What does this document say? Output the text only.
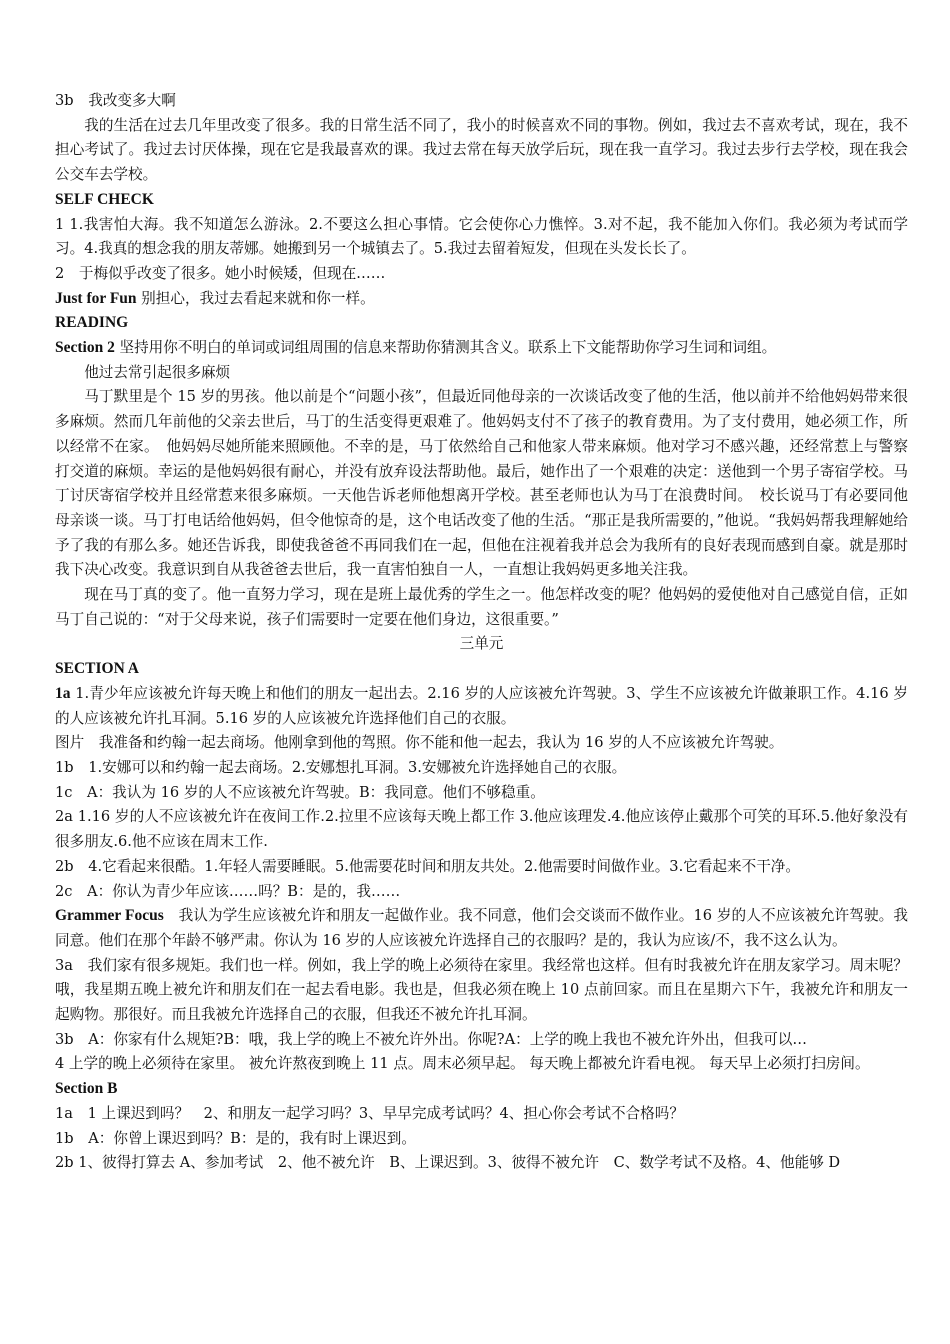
3b　我改变多大啊
我的生活在过去几年里改变了很多。我的日常生活不同了，我小的时候喜欢不同的事物。例如，我过去不喜欢考试，现在，我不担心考试了。我过去讨厌体操，现在它是我最喜欢的课。我过去常在每天放学后玩，现在我一直学习。我过去步行去学校，现在我会公交车去学校。
SELF CHECK
1 1.我害怕大海。我不知道怎么游泳。2.不要这么担心事情。它会使你心力憔悴。3.对不起，我不能加入你们。我必须为考试而学习。4.我真的想念我的朋友蒂娜。她搬到另一个城镇去了。5.我过去留着短发，但现在头发长长了。
2　于梅似乎改变了很多。她小时候矮，但现在……
Just for Fun 别担心，我过去看起来就和你一样。
READING
Section 2 坚持用你不明白的单词或词组周围的信息来帮助你猜测其含义。联系上下文能帮助你学习生词和词组。
他过去常引起很多麻烦
马丁默里是个 15 岁的男孩。他以前是个“问题小孩”，但最近同他母亲的一次谈话改变了他的生活，他以前并不给他妈妈带来很多麻烦。然而几年前他的父亲去世后，马丁的生活变得更艰难了。他妈妈支付不了孩子的教育费用。为了支付费用，她必须工作，所以经常不在家。　他妈妈尽她所能来照顾他。不幸的是，马丁依然给自己和他家人带来麻烦。他对学习不感兴趣，还经常惹上与警察打交道的麻烦。幸运的是他妈妈很有耐心，并没有放弃设法帮助他。最后，她作出了一个艰难的决定：送他到一个男子寄宿学校。马丁讨厌寄宿学校并且经常惹来很多麻烦。一天他告诉老师他想离开学校。甚至老师也认为马丁在浪费时间。　校长说马丁有必要同他母亲谈一谈。马丁打电话给他妈妈，但令他惊奇的是，这个电话改变了他的生活。“那正是我所需要的，”他说。“我妈妈帮我理解她给予了我的有那么多。她还告诉我，即使我爸爸不再同我们在一起，但他在注视着我并总会为我所有的良好表现而感到自豪。就是那时我下决心改变。我意识到自从我爸爸去世后，我一直害怕独自一人，一直想让我妈妈更多地关注我。
现在马丁真的变了。他一直努力学习，现在是班上最优秀的学生之一。他怎样改变的呢？他妈妈的爱使他对自己感觉自信，正如马丁自己说的：“对于父母来说，孩子们需要时一定要在他们身边，这很重要。”
三单元
SECTION A
1a 1.青少年应该被允许每天晚上和他们的朋友一起出去。2.16 岁的人应该被允许驾驶。3、学生不应该被允许做兼职工作。4.16 岁的人应该被允许扎耳洞。5.16 岁的人应该被允许选择他们自己的衣服。
图片　我准备和约翰一起去商场。他刚拿到他的驾照。你不能和他一起去，我认为 16 岁的人不应该被允许驾驶。
1b　1.安娜可以和约翰一起去商场。2.安娜想扎耳洞。3.安娜被允许选择她自己的衣服。
1c　A：我认为 16 岁的人不应该被允许驾驶。B：我同意。他们不够稳重。
2a 1.16 岁的人不应该被允许在夜间工作.2.拉里不应该每天晚上都工作 3.他应该理发.4.他应该停止戴那个可笑的耳环.5.他好象没有很多朋友.6.他不应该在周末工作.
2b　4.它看起来很酷。1.年轻人需要睡眠。5.他需要花时间和朋友共处。2.他需要时间做作业。3.它看起来不干净。
2c　A：你认为青少年应该……吗？B：是的，我……
Grammer Focus　我认为学生应该被允许和朋友一起做作业。我不同意，他们会交谈而不做作业。16 岁的人不应该被允许驾驶。我同意。他们在那个年龄不够严肃。你认为 16 岁的人应该被允许选择自己的衣服吗？是的，我认为应该/不，我不这么认为。
3a　我们家有很多规矩。我们也一样。例如，我上学的晚上必须待在家里。我经常也这样。但有时我被允许在朋友家学习。周末呢？哦，我星期五晚上被允许和朋友们在一起去看电影。我也是，但我必须在晚上 10 点前回家。而且在星期六下午，我被允许和朋友一起购物。那很好。而且我被允许选择自己的衣服，但我还不被允许扎耳洞。
3b　A：你家有什么规矩?B：哦，我上学的晚上不被允许外出。你呢?A：上学的晚上我也不被允许外出，但我可以…
4 上学的晚上必须待在家里。 被允许熬夜到晚上 11 点。周末必须早起。 每天晚上都被允许看电视。 每天早上必须打扫房间。
Section B
1a　1 上课迟到吗？　2、和朋友一起学习吗？3、早早完成考试吗？4、担心你会考试不合格吗？
1b　A：你曾上课迟到吗？B：是的，我有时上课迟到。
2b 1、彼得打算去 A、参加考试　2、他不被允许　B、上课迟到。3、彼得不被允许　C、数学考试不及格。4、他能够 D
